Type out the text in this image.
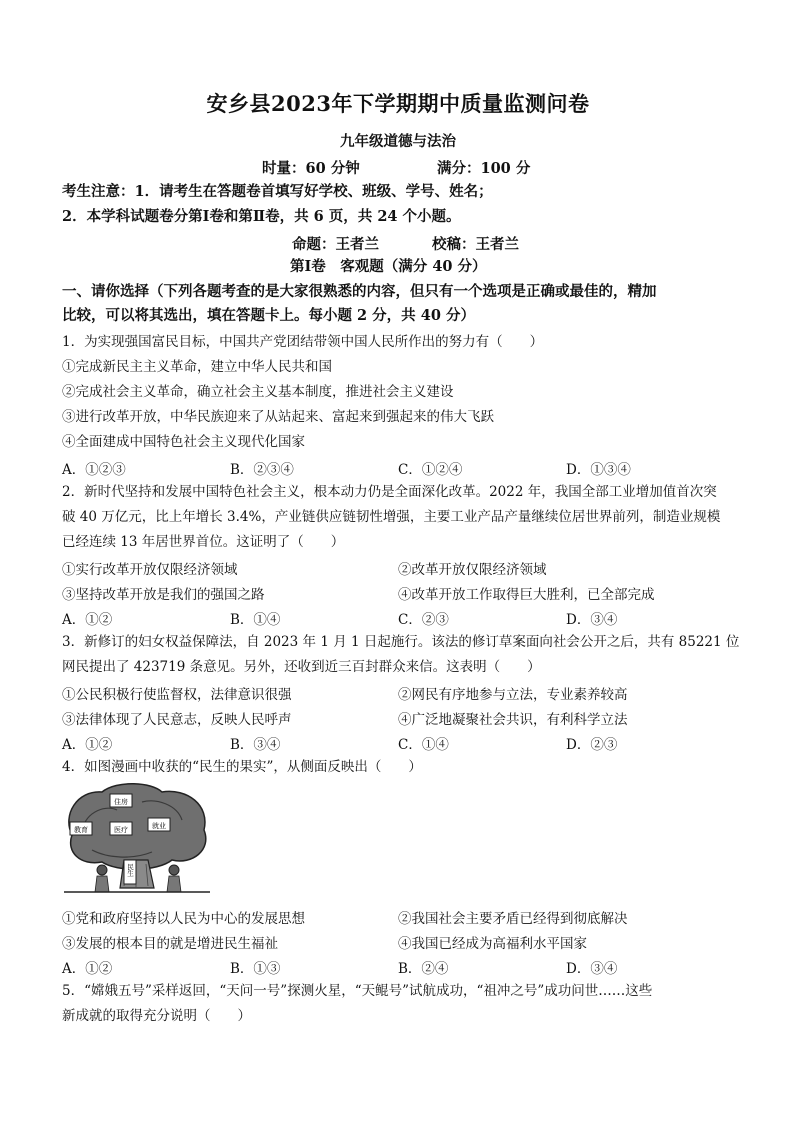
安乡县2023年下学期期中质量监测问卷
九年级道德与法治
时量：60 分钟	满分：100 分
考生注意：1．请考生在答题卷首填写好学校、班级、学号、姓名；
2．本学科试题卷分第Ⅰ卷和第Ⅱ卷，共 6 页，共 24 个小题。
命题：王者兰	校稿：王者兰
第Ⅰ卷　客观题（满分 40 分）
一、请你选择（下列各题考查的是大家很熟悉的内容，但只有一个选项是正确或最佳的，精加
比较，可以将其选出，填在答题卡上。每小题 2 分，共 40 分）
1．为实现强国富民目标，中国共产党团结带领中国人民所作出的努力有（　　）
①完成新民主主义革命，建立中华人民共和国
②完成社会主义革命，确立社会主义基本制度，推进社会主义建设
③进行改革开放，中华民族迎来了从站起来、富起来到强起来的伟大飞跃
④全面建成中国特色社会主义现代化国家
A．①②③	B．②③④	C．①②④	D．①③④
2．新时代坚持和发展中国特色社会主义，根本动力仍是全面深化改革。2022 年，我国全部工业增加值首次突
破 40 万亿元，比上年增长 3.4%，产业链供应链韧性增强，主要工业产品产量继续位居世界前列，制造业规模
已经连续 13 年居世界首位。这证明了（　　）
①实行改革开放仅限经济领域	②改革开放仅限经济领域
③坚持改革开放是我们的强国之路	④改革开放工作取得巨大胜利，已全部完成
A．①②	B．①④	C．②③	D．③④
3．新修订的妇女权益保障法，自 2023 年 1 月 1 日起施行。该法的修订草案面向社会公开之后，共有 85221 位
网民提出了 423719 条意见。另外，还收到近三百封群众来信。这表明（　　）
①公民积极行使监督权，法律意识很强	②网民有序地参与立法，专业素养较高
③法律体现了人民意志，反映人民呼声	④广泛地凝聚社会共识，有利科学立法
A．①②	B．③④	C．①④	D．②③
4．如图漫画中收获的“民生的果实”，从侧面反映出（　　）
住房
教育	医疗	就业
民生
①党和政府坚持以人民为中心的发展思想	②我国社会主要矛盾已经得到彻底解决
③发展的根本目的就是增进民生福祉	④我国已经成为高福利水平国家
A．①②	B．①③	B．②④	D．③④
5．“嫦娥五号”采样返回，“天问一号”探测火星，“天鲲号”试航成功，“祖冲之号”成功问世……这些
新成就的取得充分说明（　　）
